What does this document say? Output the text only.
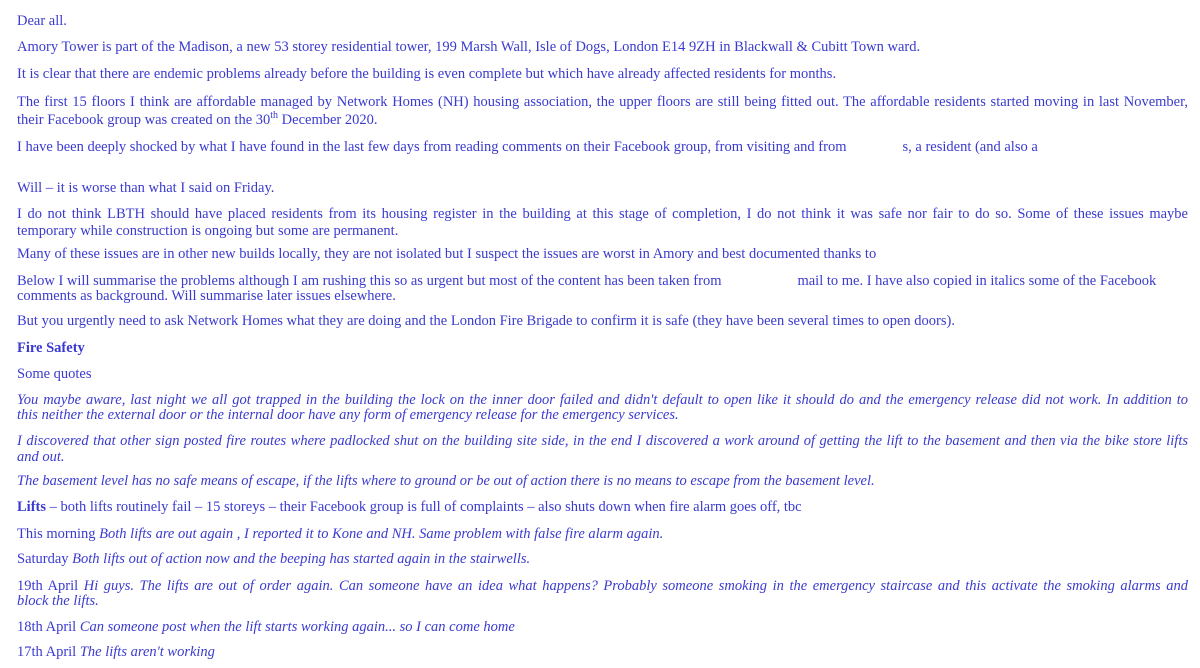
Dear all.
Amory Tower is part of the Madison, a new 53 storey residential tower, 199 Marsh Wall, Isle of Dogs, London E14 9ZH in Blackwall & Cubitt Town ward.
It is clear that there are endemic problems already before the building is even complete but which have already affected residents for months.
The first 15 floors I think are affordable managed by Network Homes (NH) housing association, the upper floors are still being fitted out. The affordable residents started moving in last November,
their Facebook group was created on the 30th December 2020.
I have been deeply shocked by what I have found in the last few days from reading comments on their Facebook group, from visiting and from	s, a resident (and also a
Will – it is worse than what I said on Friday.
I do not think LBTH should have placed residents from its housing register in the building at this stage of completion, I do not think it was safe nor fair to do so. Some of these issues maybe
temporary while construction is ongoing but some are permanent.
Many of these issues are in other new builds locally, they are not isolated but I suspect the issues are worst in Amory and best documented thanks to
Below I will summarise the problems although I am rushing this so as urgent but most of the content has been taken from	mail to me. I have also copied in italics some of the Facebook
comments as background. Will summarise later issues elsewhere.
But you urgently need to ask Network Homes what they are doing and the London Fire Brigade to confirm it is safe (they have been several times to open doors).
Fire Safety
Some quotes
You maybe aware, last night we all got trapped in the building the lock on the inner door failed and didn't default to open like it should do and the emergency release did not work. In addition to
this neither the external door or the internal door have any form of emergency release for the emergency services.
I discovered that other sign posted fire routes where padlocked shut on the building site side, in the end I discovered a work around of getting the lift to the basement and then via the bike store lifts
and out.
The basement level has no safe means of escape, if the lifts where to ground or be out of action there is no means to escape from the basement level.
Lifts – both lifts routinely fail – 15 storeys – their Facebook group is full of complaints – also shuts down when fire alarm goes off, tbc
This morning Both lifts are out again , I reported it to Kone and NH. Same problem with false fire alarm again.
Saturday Both lifts out of action now and the beeping has started again in the stairwells.
19th April Hi guys. The lifts are out of order again. Can someone have an idea what happens? Probably someone smoking in the emergency staircase and this activate the smoking alarms and
block the lifts.
18th April Can someone post when the lift starts working again... so I can come home
17th April The lifts aren't working
